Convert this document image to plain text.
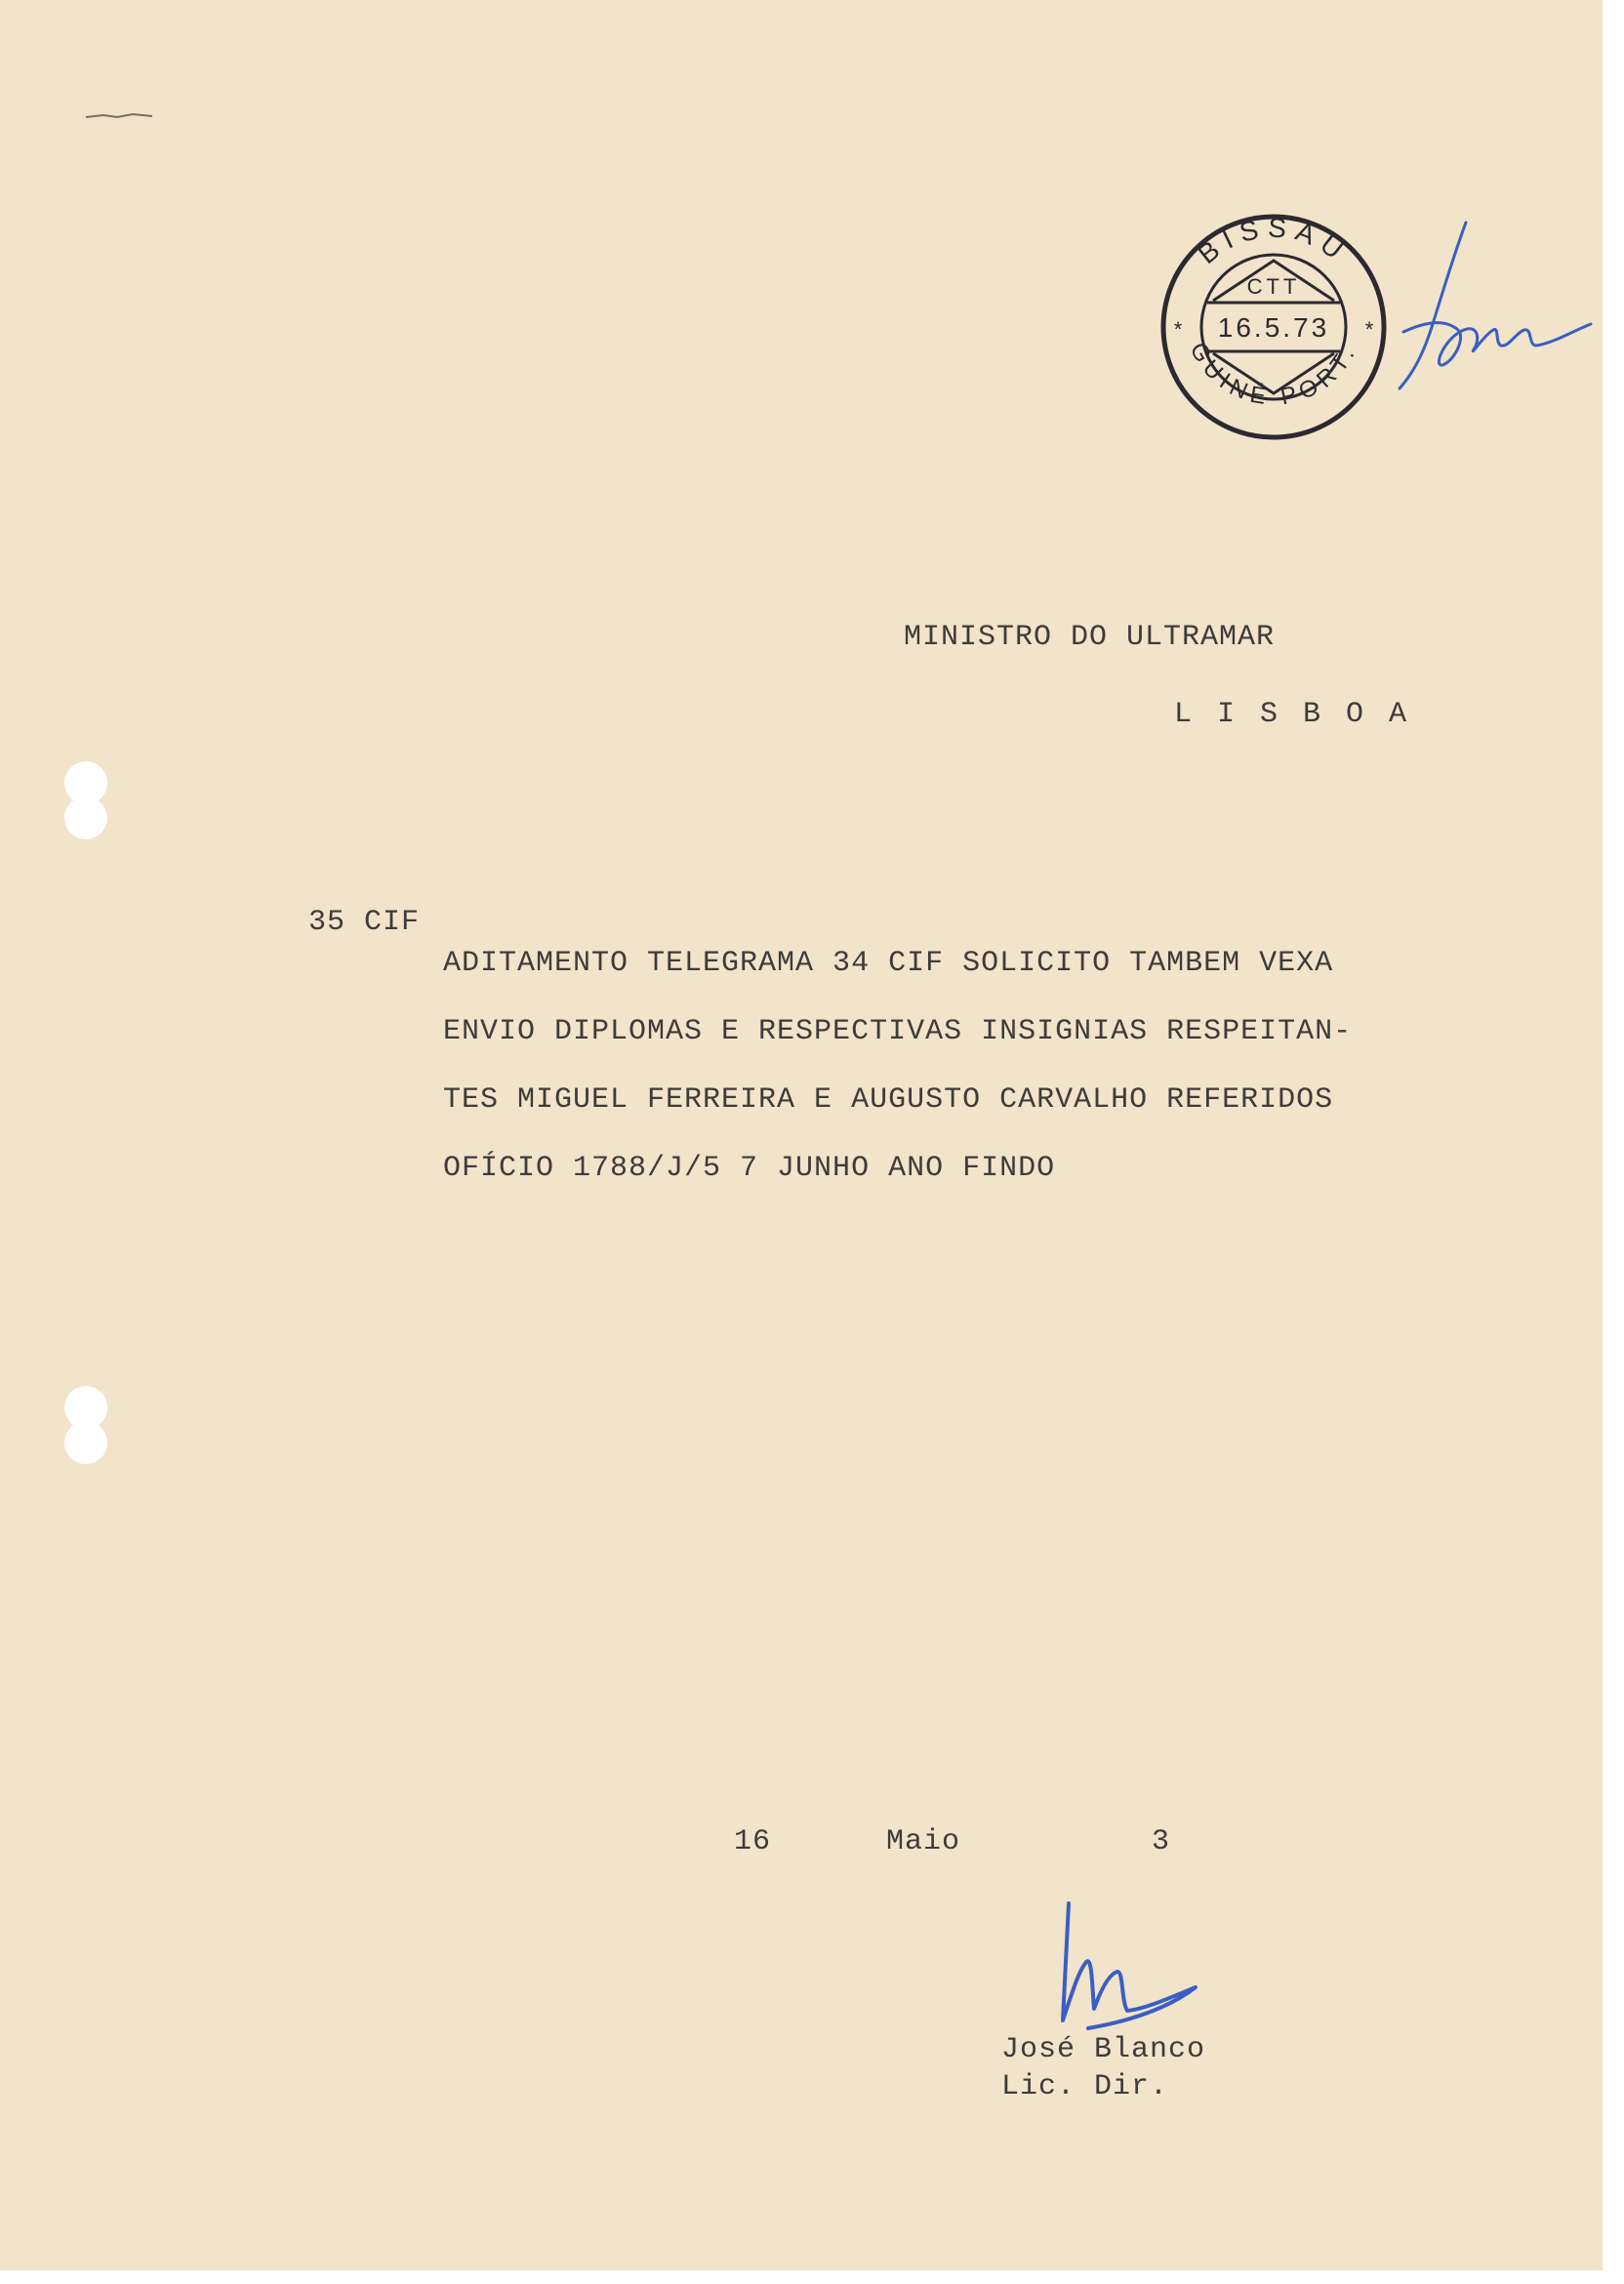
BISSAU
GUINÉ PORT.
CTT
16.5.73
*	*
MINISTRO DO ULTRAMAR
L I S B O A
35 CIF
ADITAMENTO TELEGRAMA 34 CIF SOLICITO TAMBEM VEXA
ENVIO DIPLOMAS E RESPECTIVAS INSIGNIAS RESPEITAN-
TES MIGUEL FERREIRA E AUGUSTO CARVALHO REFERIDOS
OFÍCIO 1788/J/5 7 JUNHO ANO FINDO
16	Maio	3
José Blanco
Lic. Dir.
